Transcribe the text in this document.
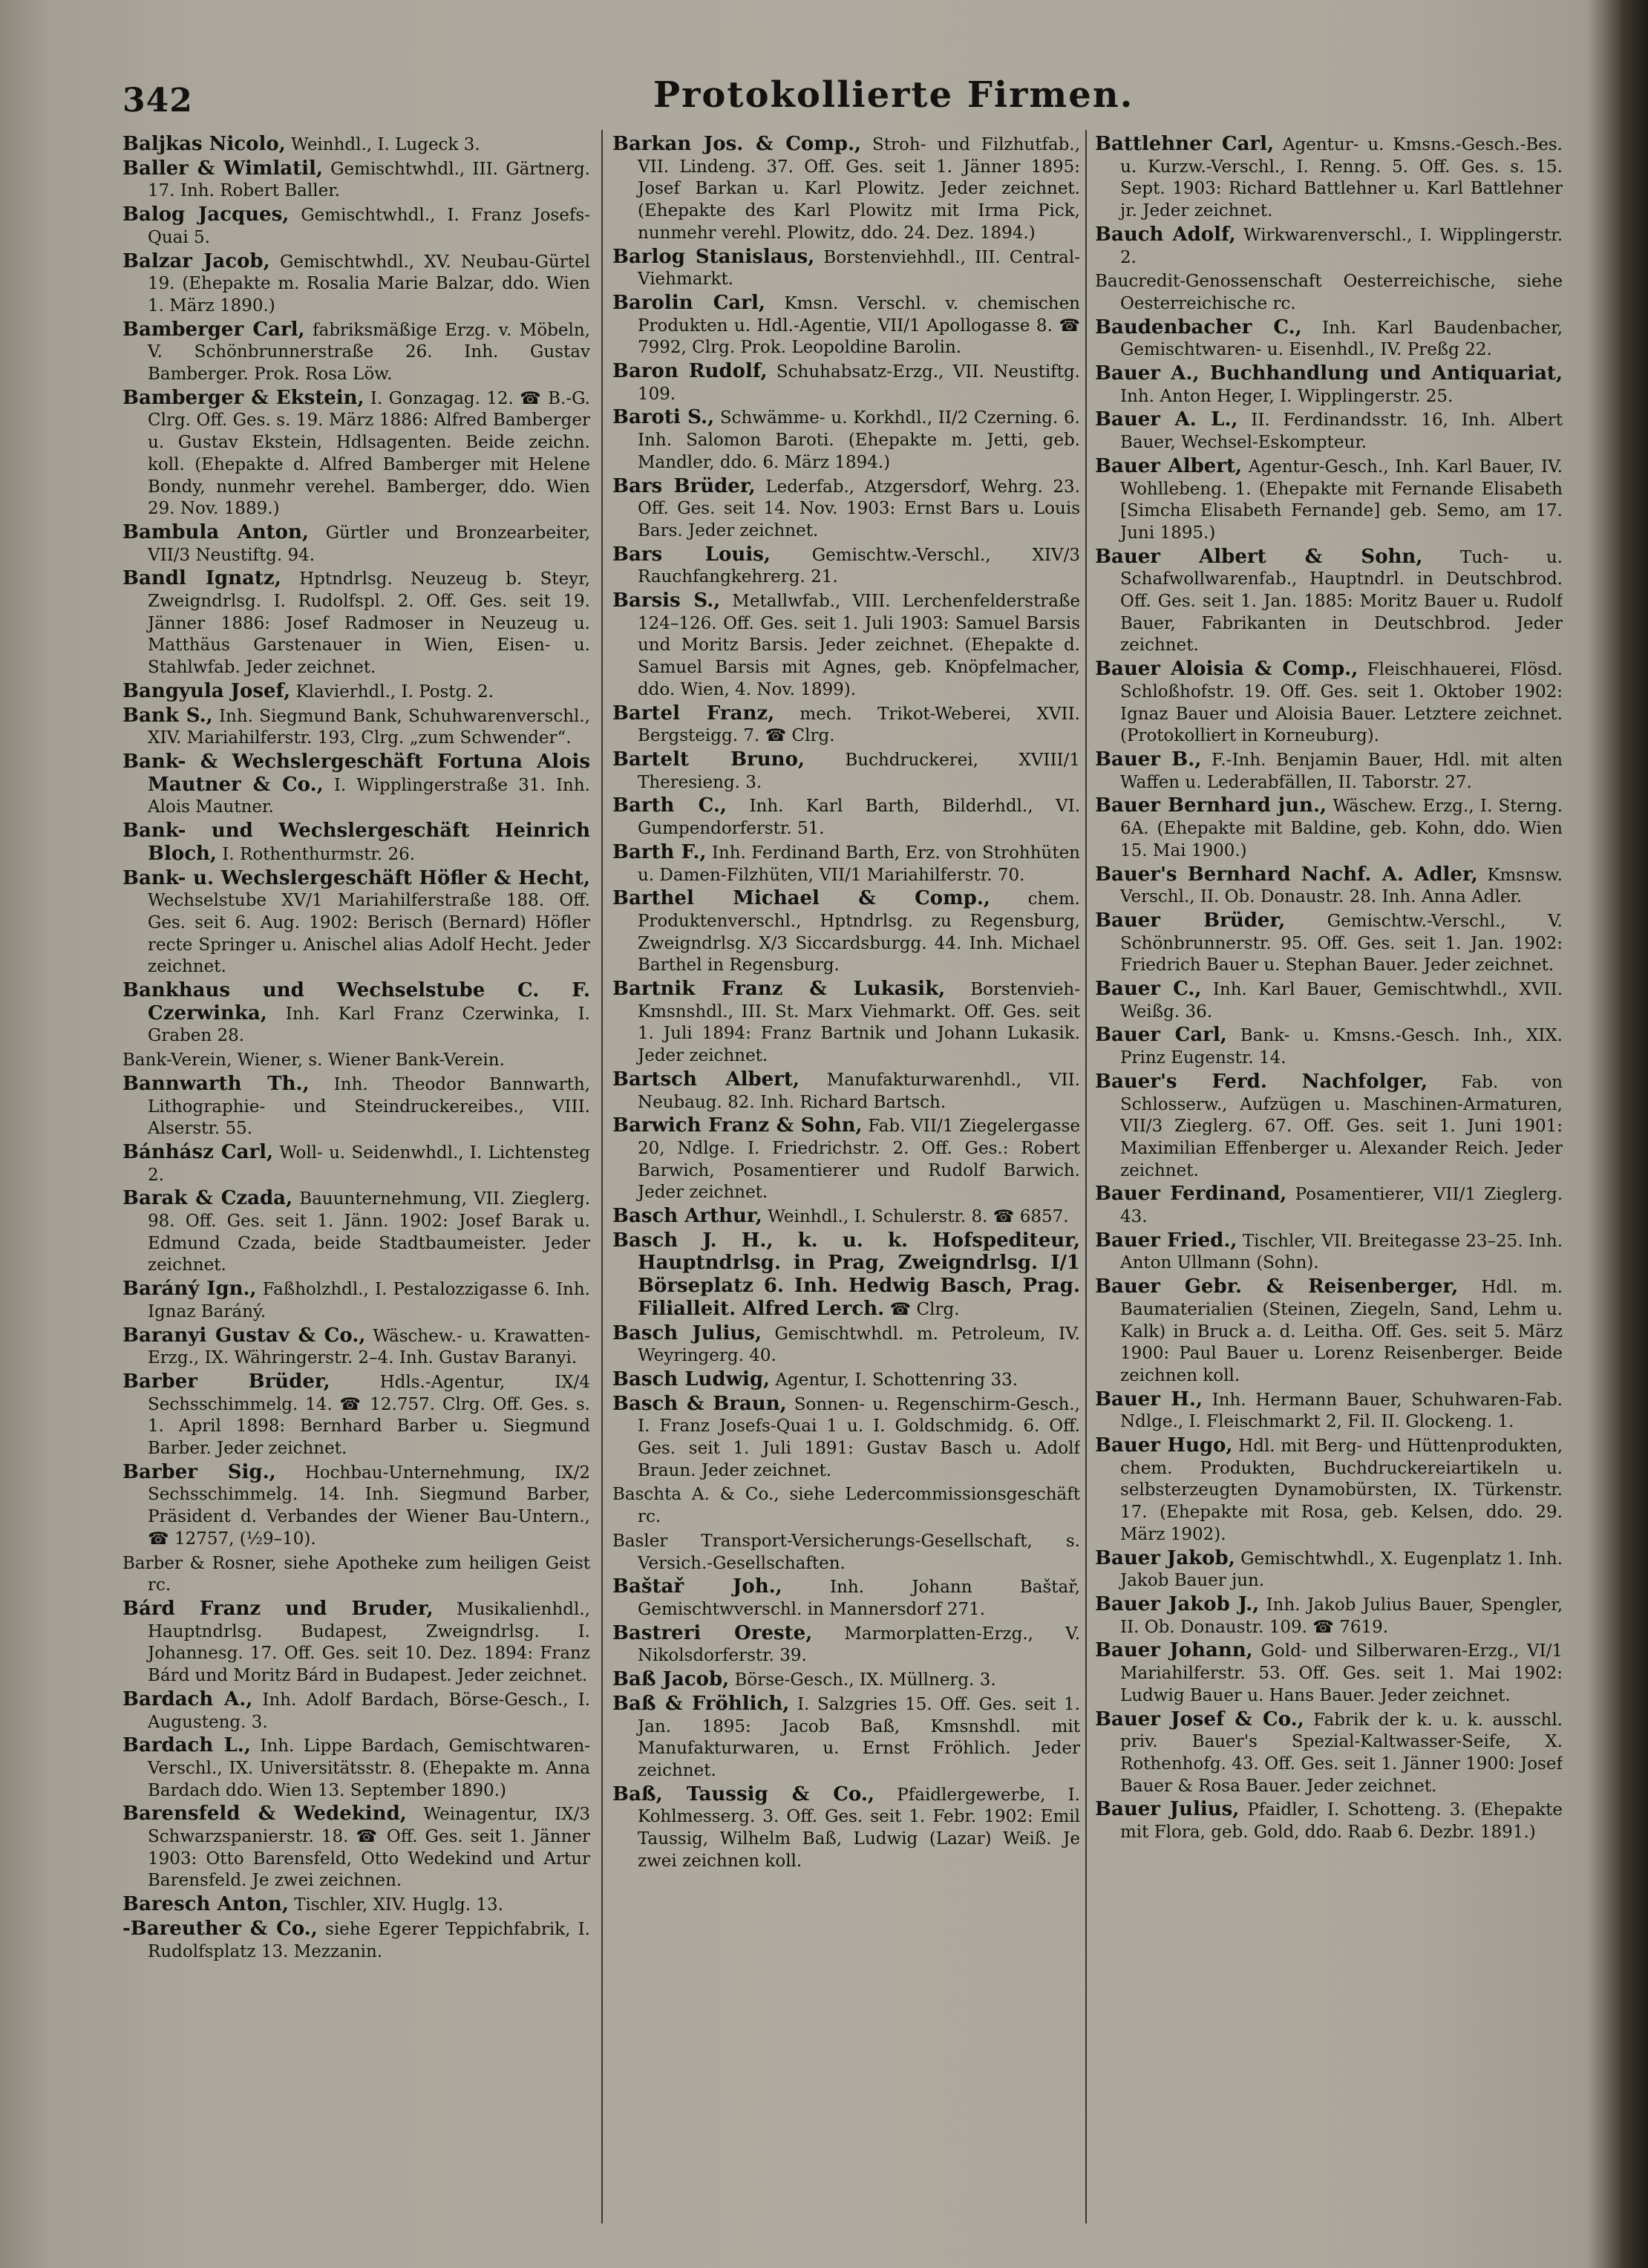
342	Protokollierte Firmen.

Baljkas Nicolo, Weinhdl., I. Lugeck 3.

Baller & Wimlatil, Gemischtwhdl., III. Gärtnerg. 17. Inh. Robert Baller.

Balog Jacques, Gemischtwhdl., I. Franz Josefs-Quai 5.

Balzar Jacob, Gemischtwhdl., XV. Neubau-Gürtel 19. (Ehepakte m. Rosalia Marie Balzar, ddo. Wien 1. März 1890.)

Bamberger Carl, fabriksmäßige Erzg. v. Möbeln, V. Schönbrunnerstraße 26. Inh. Gustav Bamberger. Prok. Rosa Löw.

Bamberger & Ekstein, I. Gonzagag. 12. ☎ B.-G. Clrg. Off. Ges. s. 19. März 1886: Alfred Bamberger u. Gustav Ekstein, Hdlsagenten. Beide zeichn. koll. (Ehepakte d. Alfred Bamberger mit Helene Bondy, nunmehr verehel. Bamberger, ddo. Wien 29. Nov. 1889.)

Bambula Anton, Gürtler und Bronzearbeiter, VII/3 Neustiftg. 94.

Bandl Ignatz, Hptndrlsg. Neuzeug b. Steyr, Zweigndrlsg. I. Rudolfspl. 2. Off. Ges. seit 19. Jänner 1886: Josef Radmoser in Neuzeug u. Matthäus Garstenauer in Wien, Eisen- u. Stahlwfab. Jeder zeichnet.

Bangyula Josef, Klavierhdl., I. Postg. 2.

Bank S., Inh. Siegmund Bank, Schuhwarenverschl., XIV. Mariahilferstr. 193, Clrg. „zum Schwender“.

Bank- & Wechslergeschäft Fortuna Alois Mautner & Co., I. Wipplingerstraße 31. Inh. Alois Mautner.

Bank- und Wechslergeschäft Heinrich Bloch, I. Rothenthurmstr. 26.

Bank- u. Wechslergeschäft Höfler & Hecht, Wechselstube XV/1 Mariahilferstraße 188. Off. Ges. seit 6. Aug. 1902: Berisch (Bernard) Höfler recte Springer u. Anischel alias Adolf Hecht. Jeder zeichnet.

Bankhaus und Wechselstube C. F. Czerwinka, Inh. Karl Franz Czerwinka, I. Graben 28.

Bank-Verein, Wiener, s. Wiener Bank-Verein.

Bannwarth Th., Inh. Theodor Bannwarth, Lithographie- und Steindruckereibes., VIII. Alserstr. 55.

Bánhász Carl, Woll- u. Seidenwhdl., I. Lichtensteg 2.

Barak & Czada, Bauunternehmung, VII. Zieglerg. 98. Off. Ges. seit 1. Jänn. 1902: Josef Barak u. Edmund Czada, beide Stadtbaumeister. Jeder zeichnet.

Baráný Ign., Faßholzhdl., I. Pestalozzigasse 6. Inh. Ignaz Baráný.

Baranyi Gustav & Co., Wäschew.- u. Krawatten-Erzg., IX. Währingerstr. 2–4. Inh. Gustav Baranyi.

Barber Brüder, Hdls.-Agentur, IX/4 Sechsschimmelg. 14. ☎ 12.757. Clrg. Off. Ges. s. 1. April 1898: Bernhard Barber u. Siegmund Barber. Jeder zeichnet.

Barber Sig., Hochbau-Unternehmung, IX/2 Sechsschimmelg. 14. Inh. Siegmund Barber, Präsident d. Verbandes der Wiener Bau-Untern., ☎ 12757, (½9–10).

Barber & Rosner, siehe Apotheke zum heiligen Geist rc.

Bárd Franz und Bruder, Musikalienhdl., Hauptndrlsg. Budapest, Zweigndrlsg. I. Johannesg. 17. Off. Ges. seit 10. Dez. 1894: Franz Bárd und Moritz Bárd in Budapest. Jeder zeichnet.

Bardach A., Inh. Adolf Bardach, Börse-Gesch., I. Augusteng. 3.

Bardach L., Inh. Lippe Bardach, Gemischtwaren-Verschl., IX. Universitätsstr. 8. (Ehepakte m. Anna Bardach ddo. Wien 13. September 1890.)

Barensfeld & Wedekind, Weinagentur, IX/3 Schwarzspanierstr. 18. ☎ Off. Ges. seit 1. Jänner 1903: Otto Barensfeld, Otto Wedekind und Artur Barensfeld. Je zwei zeichnen.

Baresch Anton, Tischler, XIV. Huglg. 13.

-Bareuther & Co., siehe Egerer Teppichfabrik, I. Rudolfsplatz 13. Mezzanin.

Barkan Jos. & Comp., Stroh- und Filzhutfab., VII. Lindeng. 37. Off. Ges. seit 1. Jänner 1895: Josef Barkan u. Karl Plowitz. Jeder zeichnet. (Ehepakte des Karl Plowitz mit Irma Pick, nunmehr verehl. Plowitz, ddo. 24. Dez. 1894.)

Barlog Stanislaus, Borstenviehhdl., III. Central-Viehmarkt.

Barolin Carl, Kmsn. Verschl. v. chemischen Produkten u. Hdl.-Agentie, VII/1 Apollogasse 8. ☎ 7992, Clrg. Prok. Leopoldine Barolin.

Baron Rudolf, Schuhabsatz-Erzg., VII. Neustiftg. 109.

Baroti S., Schwämme- u. Korkhdl., II/2 Czerning. 6. Inh. Salomon Baroti. (Ehepakte m. Jetti, geb. Mandler, ddo. 6. März 1894.)

Bars Brüder, Lederfab., Atzgersdorf, Wehrg. 23. Off. Ges. seit 14. Nov. 1903: Ernst Bars u. Louis Bars. Jeder zeichnet.

Bars Louis, Gemischtw.-Verschl., XIV/3 Rauchfangkehrerg. 21.

Barsis S., Metallwfab., VIII. Lerchenfelderstraße 124–126. Off. Ges. seit 1. Juli 1903: Samuel Barsis und Moritz Barsis. Jeder zeichnet. (Ehepakte d. Samuel Barsis mit Agnes, geb. Knöpfelmacher, ddo. Wien, 4. Nov. 1899).

Bartel Franz, mech. Trikot-Weberei, XVII. Bergsteigg. 7. ☎ Clrg.

Bartelt Bruno, Buchdruckerei, XVIII/1 Theresieng. 3.

Barth C., Inh. Karl Barth, Bilderhdl., VI. Gumpendorferstr. 51.

Barth F., Inh. Ferdinand Barth, Erz. von Strohhüten u. Damen-Filzhüten, VII/1 Mariahilferstr. 70.

Barthel Michael & Comp., chem. Produktenverschl., Hptndrlsg. zu Regensburg, Zweigndrlsg. X/3 Siccardsburgg. 44. Inh. Michael Barthel in Regensburg.

Bartnik Franz & Lukasik, Borstenvieh-Kmsnshdl., III. St. Marx Viehmarkt. Off. Ges. seit 1. Juli 1894: Franz Bartnik und Johann Lukasik. Jeder zeichnet.

Bartsch Albert, Manufakturwarenhdl., VII. Neubaug. 82. Inh. Richard Bartsch.

Barwich Franz & Sohn, Fab. VII/1 Ziegelergasse 20, Ndlge. I. Friedrichstr. 2. Off. Ges.: Robert Barwich, Posamentierer und Rudolf Barwich. Jeder zeichnet.

Basch Arthur, Weinhdl., I. Schulerstr. 8. ☎ 6857.

Basch J. H., k. u. k. Hofspediteur, Hauptndrlsg. in Prag, Zweigndrlsg. I/1 Börseplatz 6. Inh. Hedwig Basch, Prag. Filialleit. Alfred Lerch. ☎ Clrg.

Basch Julius, Gemischtwhdl. m. Petroleum, IV. Weyringerg. 40.

Basch Ludwig, Agentur, I. Schottenring 33.

Basch & Braun, Sonnen- u. Regenschirm-Gesch., I. Franz Josefs-Quai 1 u. I. Goldschmidg. 6. Off. Ges. seit 1. Juli 1891: Gustav Basch u. Adolf Braun. Jeder zeichnet.

Baschta A. & Co., siehe Ledercommissionsgeschäft rc.

Basler Transport-Versicherungs-Gesellschaft, s. Versich.-Gesellschaften.

Baštař Joh., Inh. Johann Baštař, Gemischtwverschl. in Mannersdorf 271.

Bastreri Oreste, Marmorplatten-Erzg., V. Nikolsdorferstr. 39.

Baß Jacob, Börse-Gesch., IX. Müllnerg. 3.

Baß & Fröhlich, I. Salzgries 15. Off. Ges. seit 1. Jan. 1895: Jacob Baß, Kmsnshdl. mit Manufakturwaren, u. Ernst Fröhlich. Jeder zeichnet.

Baß, Taussig & Co., Pfaidlergewerbe, I. Kohlmesserg. 3. Off. Ges. seit 1. Febr. 1902: Emil Taussig, Wilhelm Baß, Ludwig (Lazar) Weiß. Je zwei zeichnen koll.

Battlehner Carl, Agentur- u. Kmsns.-Gesch.-Bes. u. Kurzw.-Verschl., I. Renng. 5. Off. Ges. s. 15. Sept. 1903: Richard Battlehner u. Karl Battlehner jr. Jeder zeichnet.

Bauch Adolf, Wirkwarenverschl., I. Wipplingerstr. 2.

Baucredit-Genossenschaft Oesterreichische, siehe Oesterreichische rc.

Baudenbacher C., Inh. Karl Baudenbacher, Gemischtwaren- u. Eisenhdl., IV. Preßg 22.

Bauer A., Buchhandlung und Antiquariat, Inh. Anton Heger, I. Wipplingerstr. 25.

Bauer A. L., II. Ferdinandsstr. 16, Inh. Albert Bauer, Wechsel-Eskompteur.

Bauer Albert, Agentur-Gesch., Inh. Karl Bauer, IV. Wohllebeng. 1. (Ehepakte mit Fernande Elisabeth [Simcha Elisabeth Fernande] geb. Semo, am 17. Juni 1895.)

Bauer Albert & Sohn, Tuch- u. Schafwollwarenfab., Hauptndrl. in Deutschbrod. Off. Ges. seit 1. Jan. 1885: Moritz Bauer u. Rudolf Bauer, Fabrikanten in Deutschbrod. Jeder zeichnet.

Bauer Aloisia & Comp., Fleischhauerei, Flösd. Schloßhofstr. 19. Off. Ges. seit 1. Oktober 1902: Ignaz Bauer und Aloisia Bauer. Letztere zeichnet. (Protokolliert in Korneuburg).

Bauer B., F.-Inh. Benjamin Bauer, Hdl. mit alten Waffen u. Lederabfällen, II. Taborstr. 27.

Bauer Bernhard jun., Wäschew. Erzg., I. Sterng. 6A. (Ehepakte mit Baldine, geb. Kohn, ddo. Wien 15. Mai 1900.)

Bauer's Bernhard Nachf. A. Adler, Kmsnsw. Verschl., II. Ob. Donaustr. 28. Inh. Anna Adler.

Bauer Brüder, Gemischtw.-Verschl., V. Schönbrunnerstr. 95. Off. Ges. seit 1. Jan. 1902: Friedrich Bauer u. Stephan Bauer. Jeder zeichnet.

Bauer C., Inh. Karl Bauer, Gemischtwhdl., XVII. Weißg. 36.

Bauer Carl, Bank- u. Kmsns.-Gesch. Inh., XIX. Prinz Eugenstr. 14.

Bauer's Ferd. Nachfolger, Fab. von Schlosserw., Aufzügen u. Maschinen-Armaturen, VII/3 Zieglerg. 67. Off. Ges. seit 1. Juni 1901: Maximilian Effenberger u. Alexander Reich. Jeder zeichnet.

Bauer Ferdinand, Posamentierer, VII/1 Zieglerg. 43.

Bauer Fried., Tischler, VII. Breitegasse 23–25. Inh. Anton Ullmann (Sohn).

Bauer Gebr. & Reisenberger, Hdl. m. Baumaterialien (Steinen, Ziegeln, Sand, Lehm u. Kalk) in Bruck a. d. Leitha. Off. Ges. seit 5. März 1900: Paul Bauer u. Lorenz Reisenberger. Beide zeichnen koll.

Bauer H., Inh. Hermann Bauer, Schuhwaren-Fab. Ndlge., I. Fleischmarkt 2, Fil. II. Glockeng. 1.

Bauer Hugo, Hdl. mit Berg- und Hüttenprodukten, chem. Produkten, Buchdruckereiartikeln u. selbsterzeugten Dynamobürsten, IX. Türkenstr. 17. (Ehepakte mit Rosa, geb. Kelsen, ddo. 29. März 1902).

Bauer Jakob, Gemischtwhdl., X. Eugenplatz 1. Inh. Jakob Bauer jun.

Bauer Jakob J., Inh. Jakob Julius Bauer, Spengler, II. Ob. Donaustr. 109. ☎ 7619.

Bauer Johann, Gold- und Silberwaren-Erzg., VI/1 Mariahilferstr. 53. Off. Ges. seit 1. Mai 1902: Ludwig Bauer u. Hans Bauer. Jeder zeichnet.

Bauer Josef & Co., Fabrik der k. u. k. ausschl. priv. Bauer's Spezial-Kaltwasser-Seife, X. Rothenhofg. 43. Off. Ges. seit 1. Jänner 1900: Josef Bauer & Rosa Bauer. Jeder zeichnet.

Bauer Julius, Pfaidler, I. Schotteng. 3. (Ehepakte mit Flora, geb. Gold, ddo. Raab 6. Dezbr. 1891.)
